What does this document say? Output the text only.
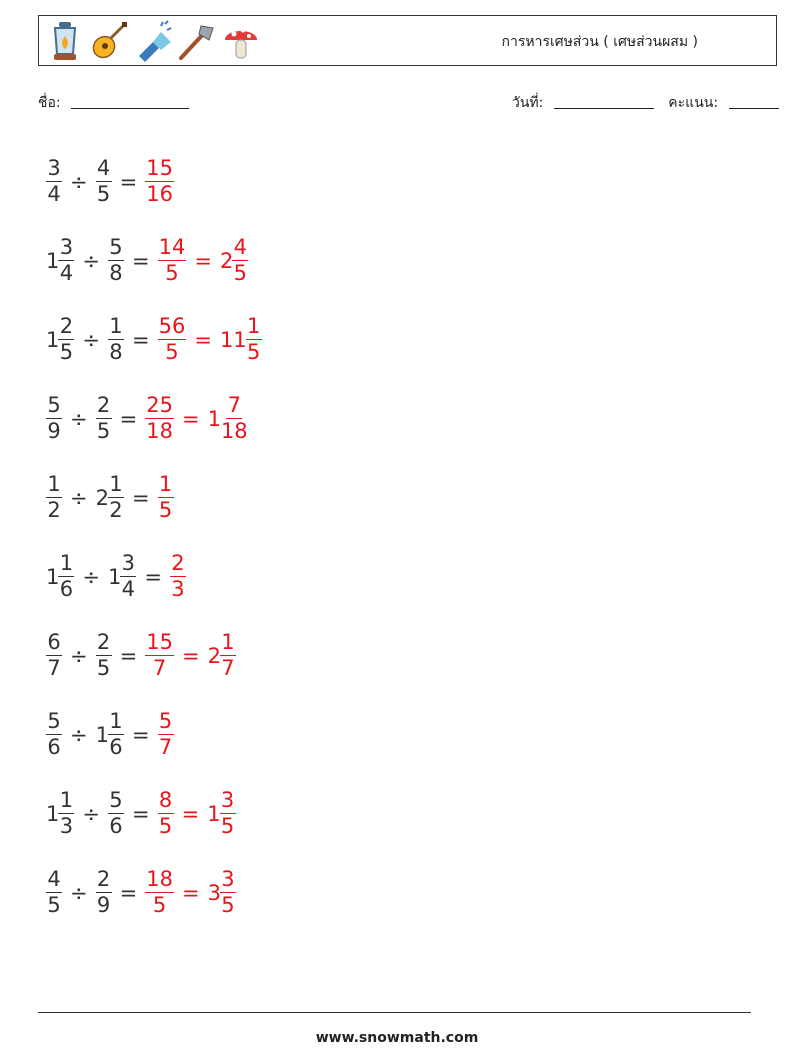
การหารเศษส่วน ( เศษส่วนผสม )
ชื่อ:	วันที่:	คะแนน:
$\frac{3}{4} \div \frac{4}{5} = \frac{15}{16}$
$1 \frac{3}{4} \div \frac{5}{8} = \frac{14}{5} = 2 \frac{4}{5}$
$1 \frac{2}{5} \div \frac{1}{8} = \frac{56}{5} = 11 \frac{1}{5}$
$\frac{5}{9} \div \frac{2}{5} = \frac{25}{18} = 1 \frac{7}{18}$
$\frac{1}{2} \div 2 \frac{1}{2} = \frac{1}{5}$
$1 \frac{1}{6} \div 1 \frac{3}{4} = \frac{2}{3}$
$\frac{6}{7} \div \frac{2}{5} = \frac{15}{7} = 2 \frac{1}{7}$
$\frac{5}{6} \div 1 \frac{1}{6} = \frac{5}{7}$
$1 \frac{1}{3} \div \frac{5}{6} = \frac{8}{5} = 1 \frac{3}{5}$
$\frac{4}{5} \div \frac{2}{9} = \frac{18}{5} = 3 \frac{3}{5}$
www.snowmath.com
